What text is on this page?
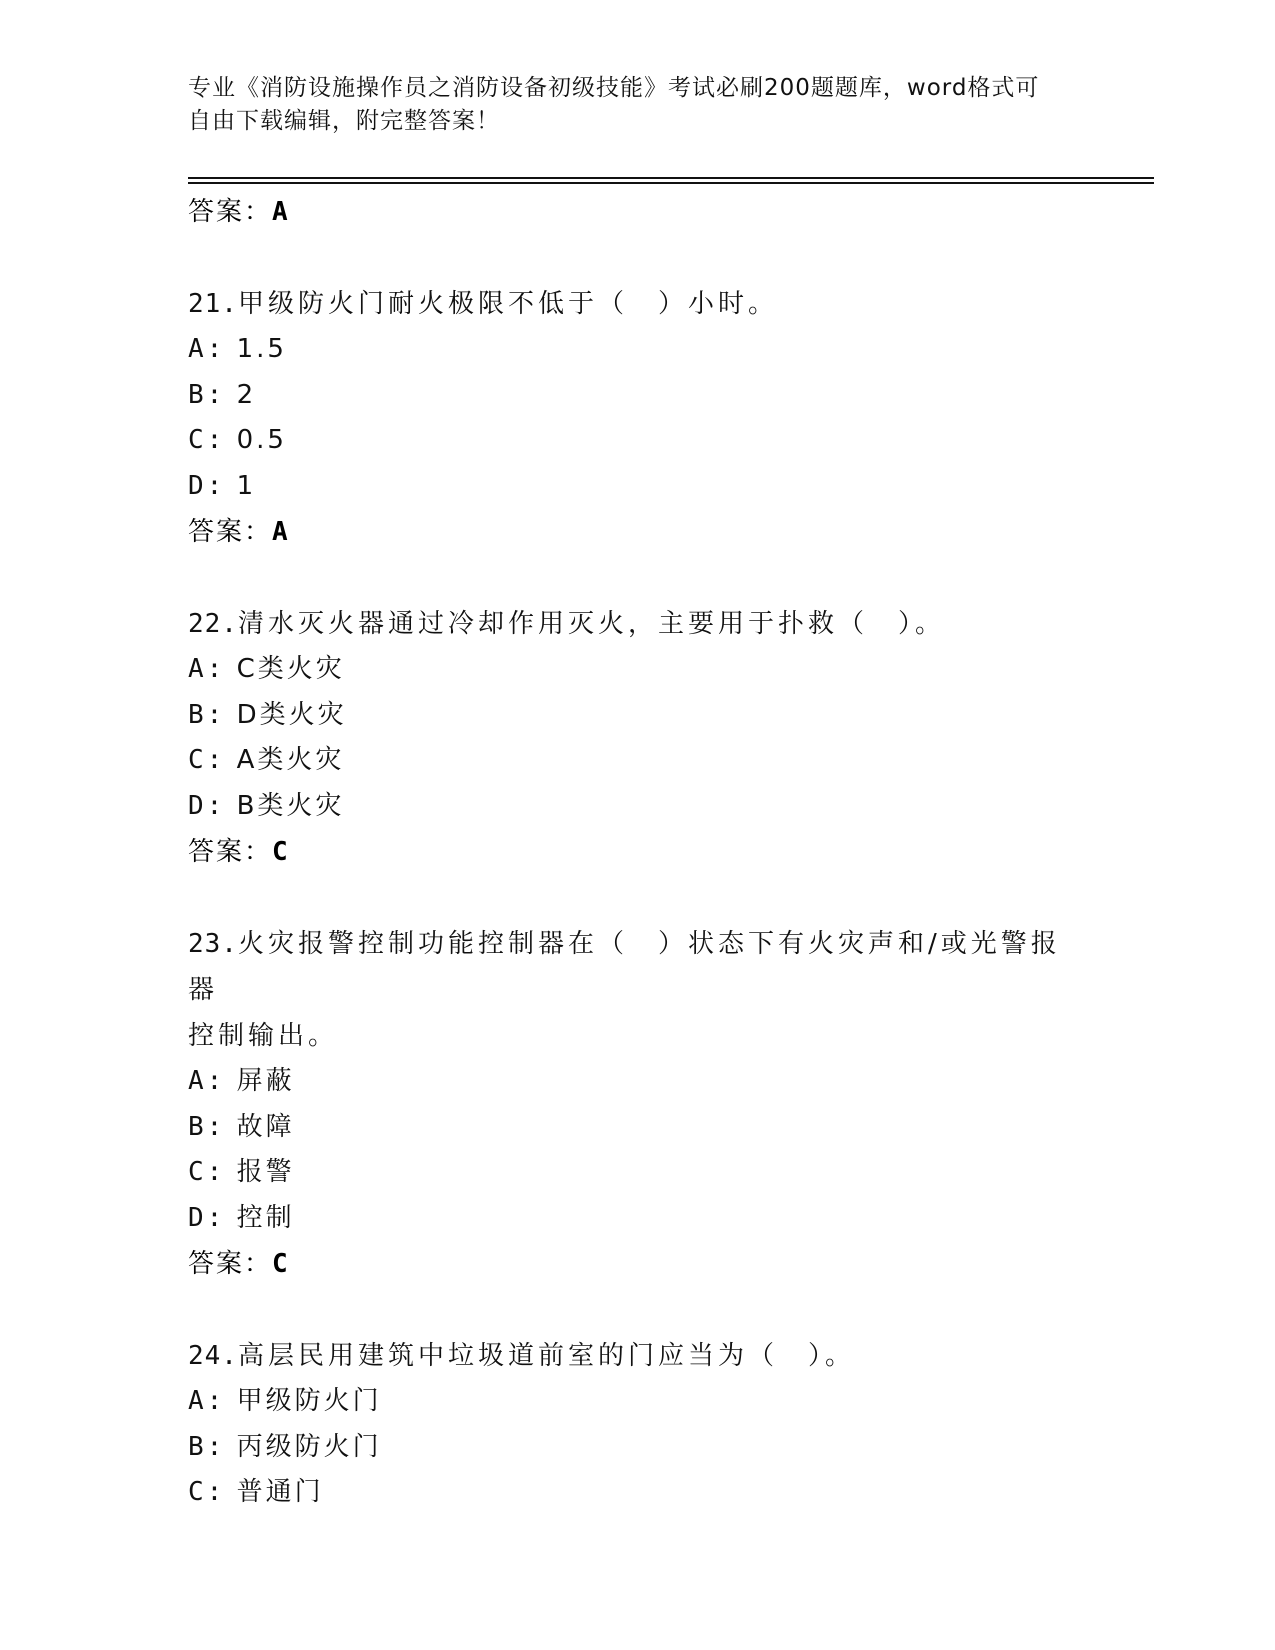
专业《消防设施操作员之消防设备初级技能》考试必刷200题题库，word格式可
自由下载编辑，附完整答案！
答案：A
21.甲级防火门耐火极限不低于（　）小时。
A: 1.5
B: 2
C: 0.5
D: 1
答案：A
22.清水灭火器通过冷却作用灭火，主要用于扑救（　）。
A: C类火灾
B: D类火灾
C: A类火灾
D: B类火灾
答案：C
23.火灾报警控制功能控制器在（　）状态下有火灾声和/或光警报器
控制输出。
A: 屏蔽
B: 故障
C: 报警
D: 控制
答案：C
24.高层民用建筑中垃圾道前室的门应当为（　）。
A: 甲级防火门
B: 丙级防火门
C: 普通门
